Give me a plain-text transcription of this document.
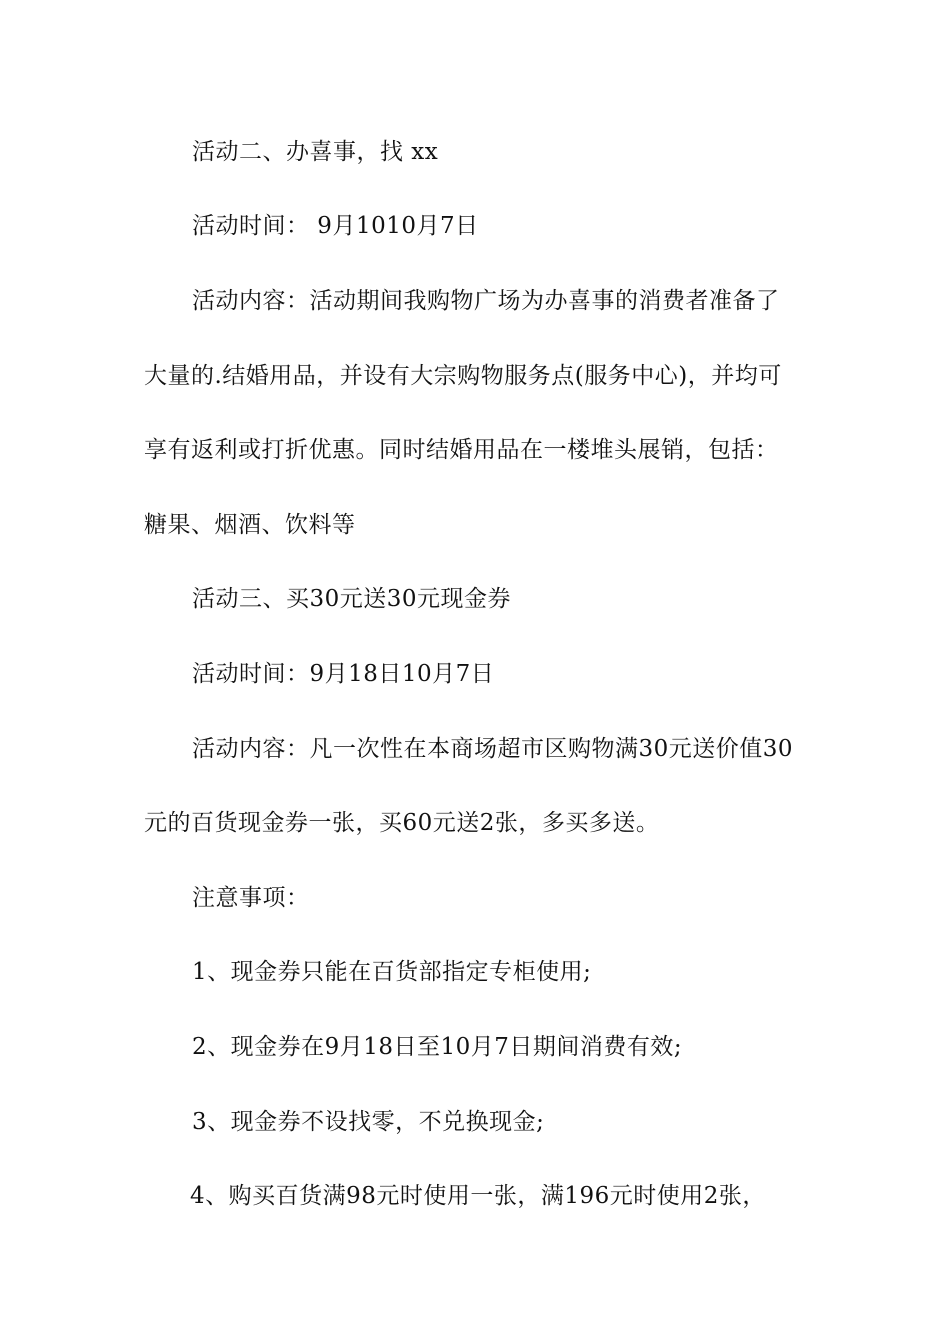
活动二、办喜事，找 xx
活动时间： 9月1010月7日
活动内容：活动期间我购物广场为办喜事的消费者准备了
大量的.结婚用品，并设有大宗购物服务点(服务中心)，并均可
享有返利或打折优惠。同时结婚用品在一楼堆头展销，包括：
糖果、烟酒、饮料等
活动三、买30元送30元现金券
活动时间：9月18日10月7日
活动内容：凡一次性在本商场超市区购物满30元送价值30
元的百货现金券一张，买60元送2张，多买多送。
注意事项：
1、现金券只能在百货部指定专柜使用;
2、现金券在9月18日至10月7日期间消费有效;
3、现金券不设找零，不兑换现金;
4、购买百货满98元时使用一张，满196元时使用2张，
